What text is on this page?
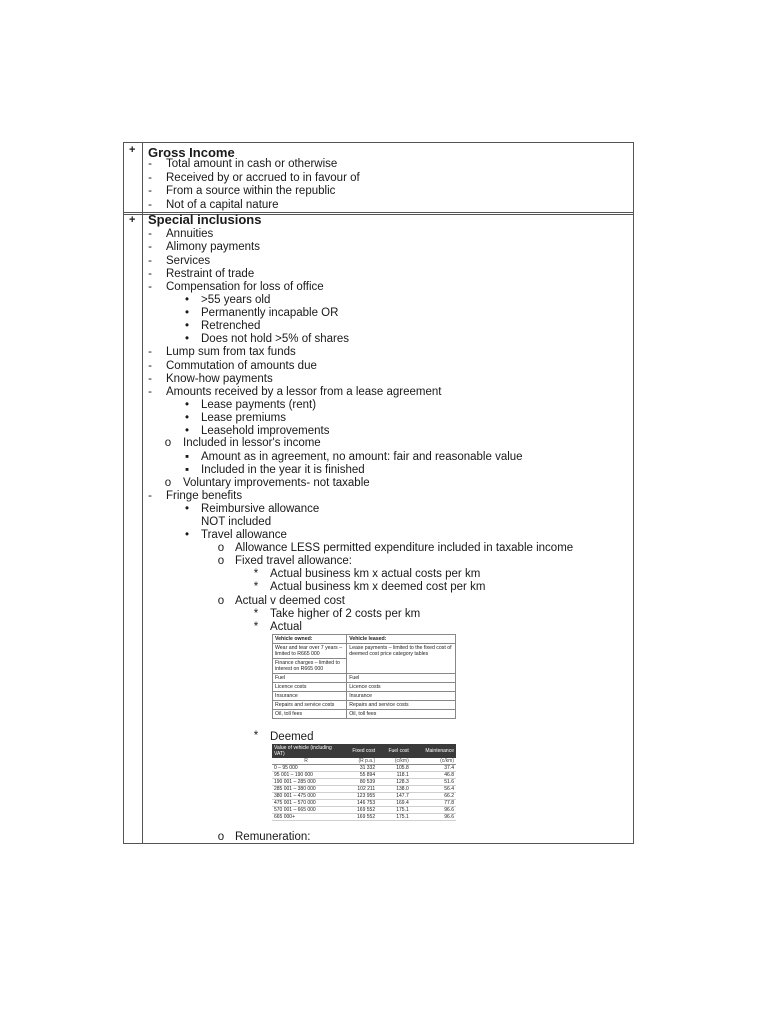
+ Gross Income
-	Total amount in cash or otherwise
-	Received by or accrued to in favour of
-	From a source within the republic
-	Not of a capital nature
+ Special inclusions
-	Annuities
-	Alimony payments
-	Services
-	Restraint of trade
-	Compensation for loss of office
•	>55 years old
•	Permanently incapable OR
•	Retrenched
•	Does not hold >5% of shares
-	Lump sum from tax funds
-	Commutation of amounts due
-	Know-how payments
-	Amounts received by a lessor from a lease agreement
•	Lease payments (rent)
•	Lease premiums
•	Leasehold improvements
o Included in lessor's income
▪	Amount as in agreement, no amount: fair and reasonable value
▪	Included in the year it is finished
o Voluntary improvements- not taxable
-	Fringe benefits
•	Reimbursive allowance
NOT included
•	Travel allowance
o Allowance LESS permitted expenditure included in taxable income
o Fixed travel allowance:
*	Actual business km x actual costs per km
*	Actual business km x deemed cost per km
o Actual v deemed cost
*	Take higher of 2 costs per km
*	Actual
Vehicle owned:	Vehicle leased:
Wear and tear over 7 years – limited to R665 000	Lease payments – limited to the fixed cost of deemed cost price category tables
Finance charges – limited to interest on R665 000	
Fuel	Fuel
Licence costs	Licence costs
Insurance	Insurance
Repairs and service costs	Repairs and service costs
Oil, toll fees	Oil, toll fees
*	Deemed
Value of vehicle (including VAT)	Fixed cost	Fuel cost	Maintenance
R	(R p.a.)	(c/km)	(c/km)
0 – 95 000	31 332	105.8	37.4
95 001 – 190 000	55 894	118.1	46.8
190 001 – 285 000	80 539	128.3	51.6
285 001 – 380 000	102 211	138.0	56.4
380 001 – 475 000	123 955	147.7	66.2
475 001 – 570 000	146 753	169.4	77.8
570 001 – 665 000	169 552	175.1	96.6
665 000+	169 552	175.1	96.6
o Remuneration:
